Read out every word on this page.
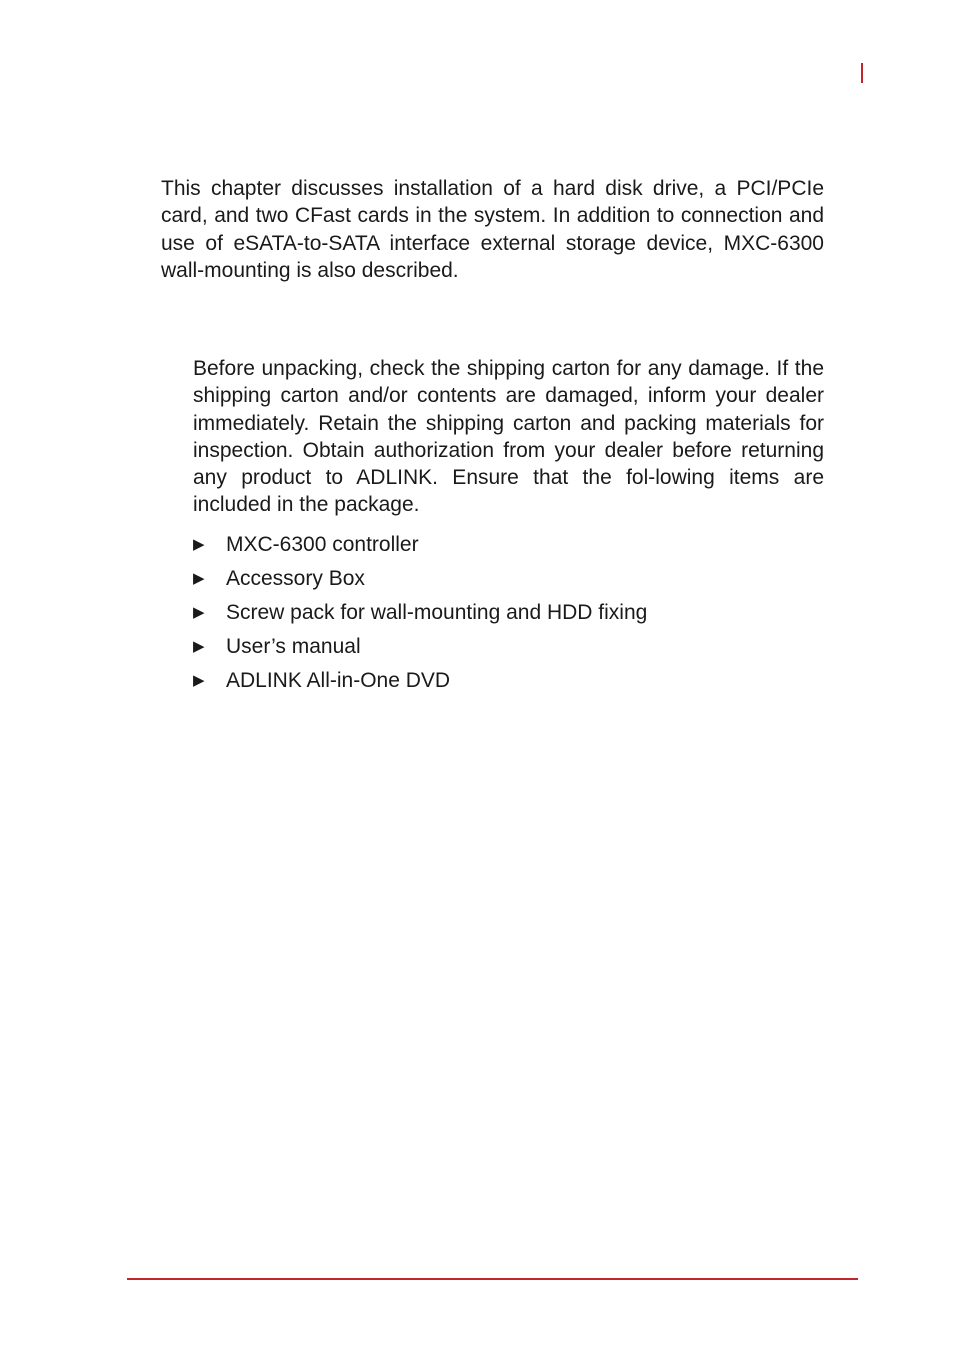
This chapter discusses installation of a hard disk drive, a PCI/PCIe card, and two CFast cards in the system. In addition to connection and use of eSATA-to-SATA interface external storage device, MXC-6300 wall-mounting is also described.

Before unpacking, check the shipping carton for any damage. If the shipping carton and/or contents are damaged, inform your dealer immediately. Retain the shipping carton and packing materials for inspection. Obtain authorization from your dealer before returning any product to ADLINK. Ensure that the fol-lowing items are included in the package.

▶	MXC-6300 controller
▶	Accessory Box
▶	Screw pack for wall-mounting and HDD fixing
▶	User’s manual
▶	ADLINK All-in-One DVD
